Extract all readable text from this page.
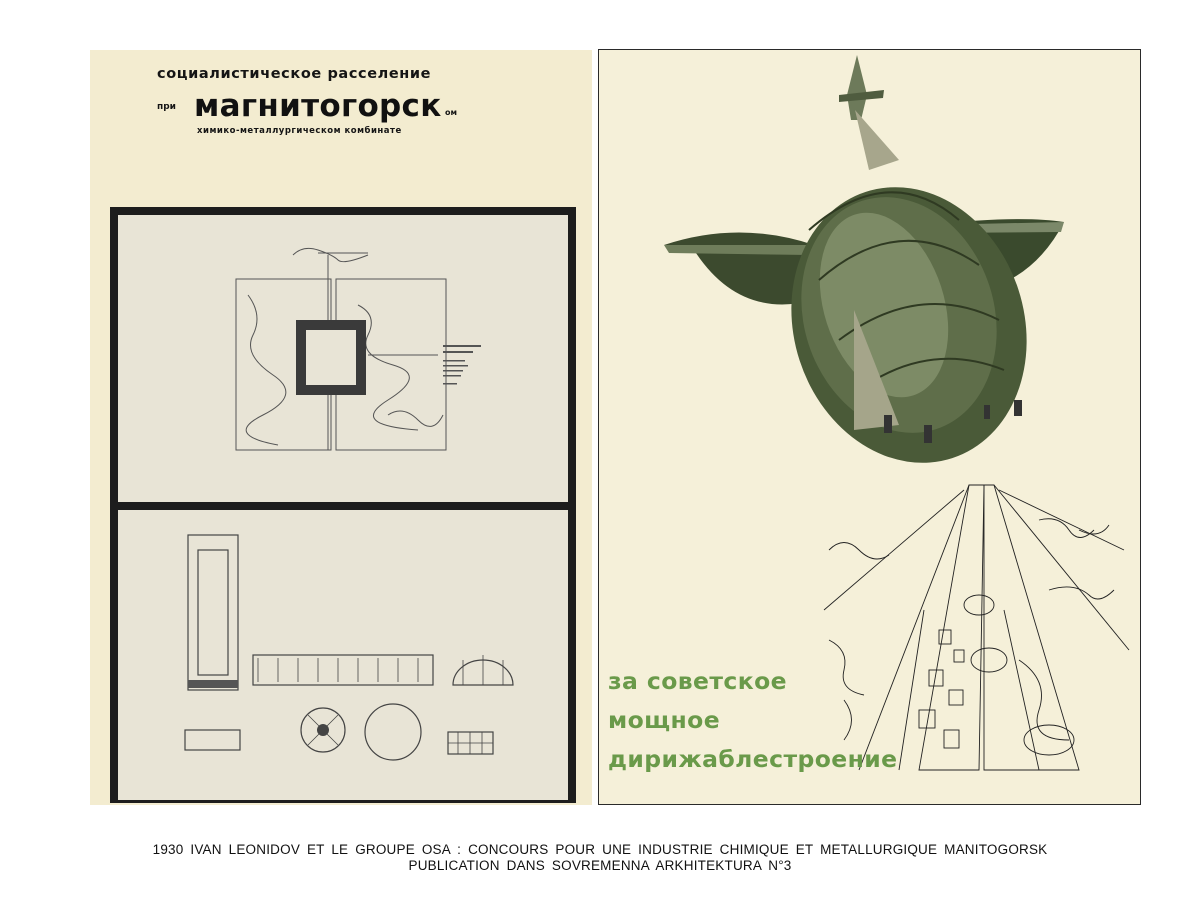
социалистическое расселение
при магнитогорск ом
химико-металлургическом комбинате
за советское
мощное
дирижаблестроение
1930 IVAN LEONIDOV ET LE GROUPE OSA : CONCOURS POUR UNE INDUSTRIE CHIMIQUE ET METALLURGIQUE MANITOGORSK
PUBLICATION DANS SOVREMENNA ARKHITEKTURA N°3
